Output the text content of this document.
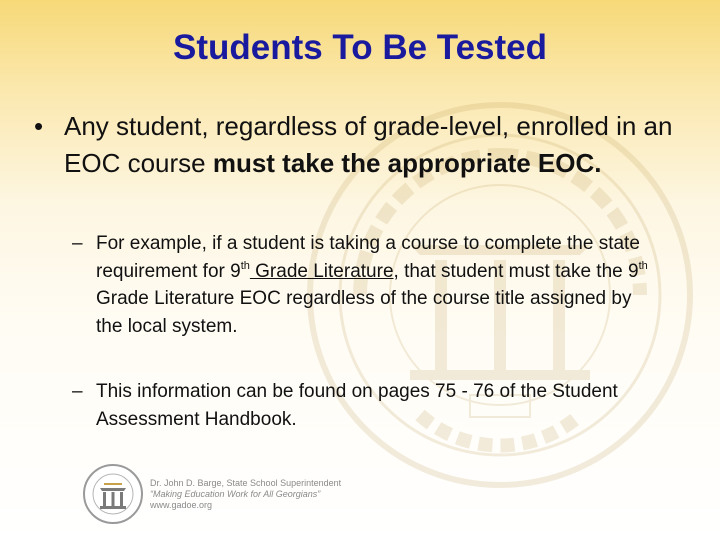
Students To Be Tested
• Any student, regardless of grade-level, enrolled in an EOC course must take the appropriate EOC.
– For example, if a student is taking a course to complete the state requirement for 9th Grade Literature, that student must take the 9th Grade Literature EOC regardless of the course title assigned by the local system.
– This information can be found on pages 75 - 76 of the Student Assessment Handbook.
Dr. John D. Barge, State School Superintendent
“Making Education Work for All Georgians”
www.gadoe.org
